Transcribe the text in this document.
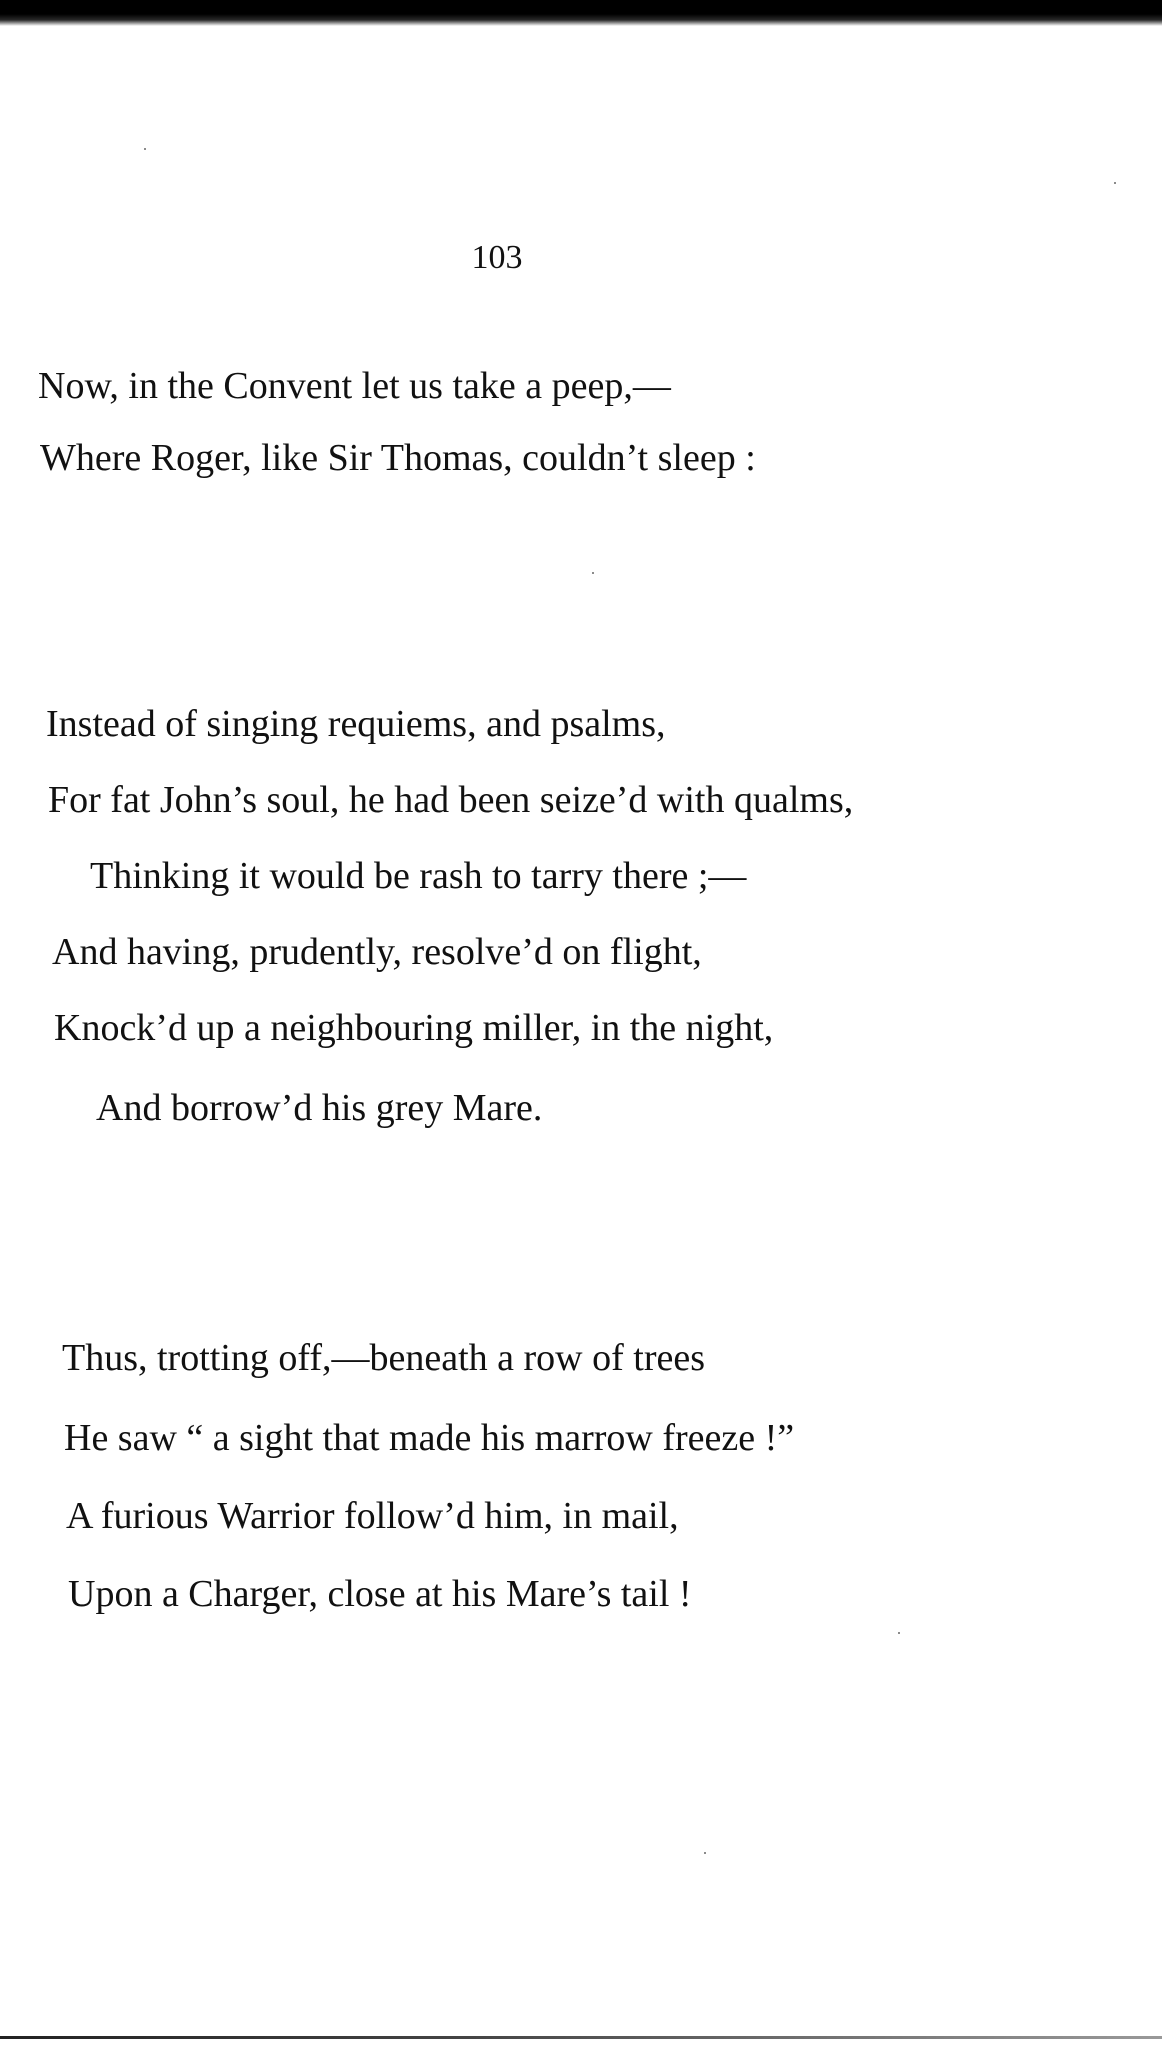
103
Now, in the Convent let us take a peep,—
Where Roger, like Sir Thomas, couldn’t sleep :
Instead of singing requiems, and psalms,
For fat John’s soul, he had been seize’d with qualms,
Thinking it would be rash to tarry there ;—
And having, prudently, resolve’d on flight,
Knock’d up a neighbouring miller, in the night,
And borrow’d his grey Mare.
Thus, trotting off,—beneath a row of trees
He saw “ a sight that made his marrow freeze !”
A furious Warrior follow’d him, in mail,
Upon a Charger, close at his Mare’s tail !
